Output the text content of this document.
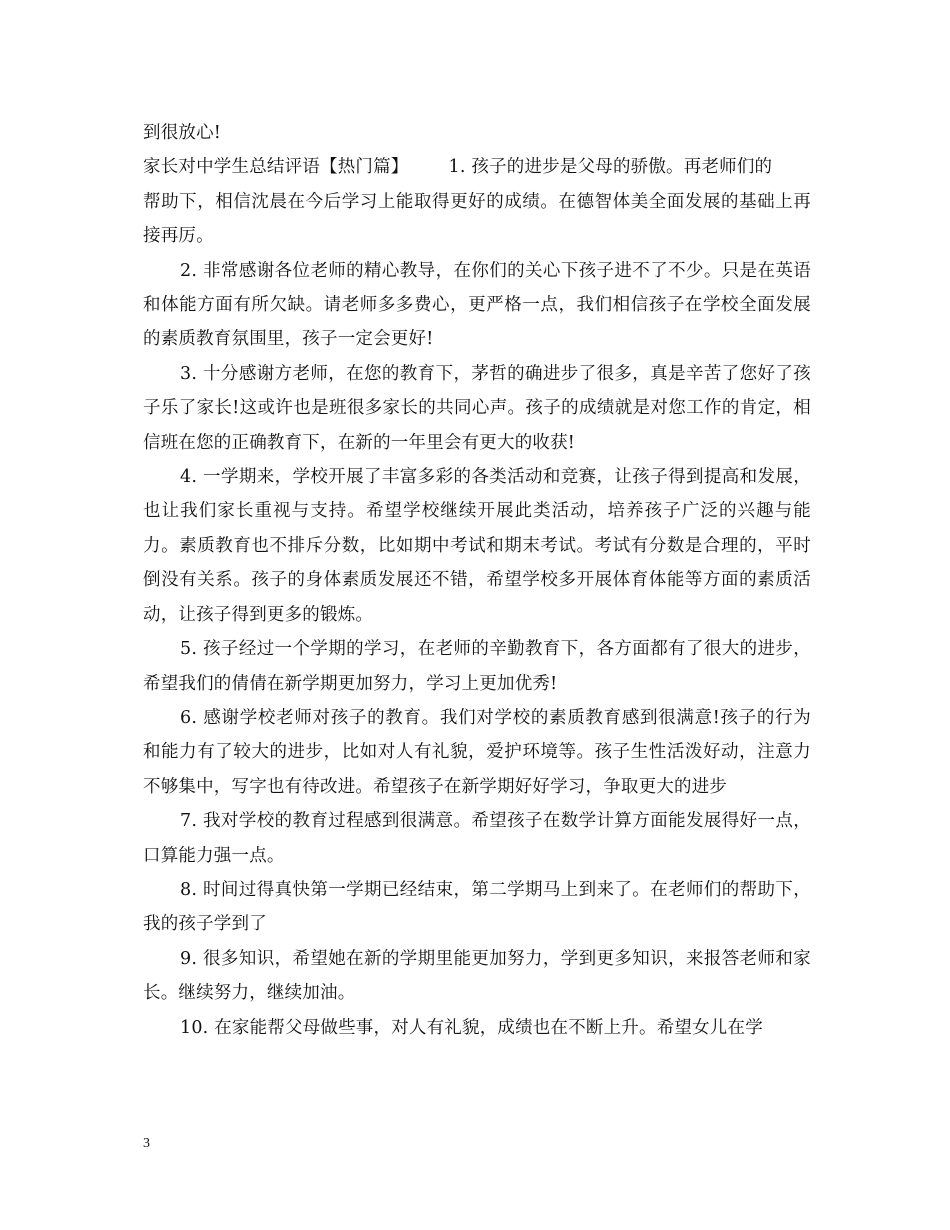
到很放心!

家长对中学生总结评语【热门篇】 1. 孩子的进步是父母的骄傲。再老师们的

帮助下，相信沈晨在今后学习上能取得更好的成绩。在德智体美全面发展的基础上再接再厉。

2. 非常感谢各位老师的精心教导，在你们的关心下孩子进不了不少。只是在英语和体能方面有所欠缺。请老师多多费心，更严格一点，我们相信孩子在学校全面发展的素质教育氛围里，孩子一定会更好!

3. 十分感谢方老师，在您的教育下，茅哲的确进步了很多，真是辛苦了您好了孩子乐了家长!这或许也是班很多家长的共同心声。孩子的成绩就是对您工作的肯定，相信班在您的正确教育下，在新的一年里会有更大的收获!

4. 一学期来，学校开展了丰富多彩的各类活动和竞赛，让孩子得到提高和发展，也让我们家长重视与支持。希望学校继续开展此类活动，培养孩子广泛的兴趣与能力。素质教育也不排斥分数，比如期中考试和期末考试。考试有分数是合理的，平时倒没有关系。孩子的身体素质发展还不错，希望学校多开展体育体能等方面的素质活动，让孩子得到更多的锻炼。

5. 孩子经过一个学期的学习，在老师的辛勤教育下，各方面都有了很大的进步，希望我们的倩倩在新学期更加努力，学习上更加优秀!

6. 感谢学校老师对孩子的教育。我们对学校的素质教育感到很满意!孩子的行为和能力有了较大的进步，比如对人有礼貌，爱护环境等。孩子生性活泼好动，注意力不够集中，写字也有待改进。希望孩子在新学期好好学习，争取更大的进步

7. 我对学校的教育过程感到很满意。希望孩子在数学计算方面能发展得好一点，口算能力强一点。

8. 时间过得真快第一学期已经结束，第二学期马上到来了。在老师们的帮助下，我的孩子学到了

9. 很多知识，希望她在新的学期里能更加努力，学到更多知识，来报答老师和家长。继续努力，继续加油。

10. 在家能帮父母做些事，对人有礼貌，成绩也在不断上升。希望女儿在学

3
